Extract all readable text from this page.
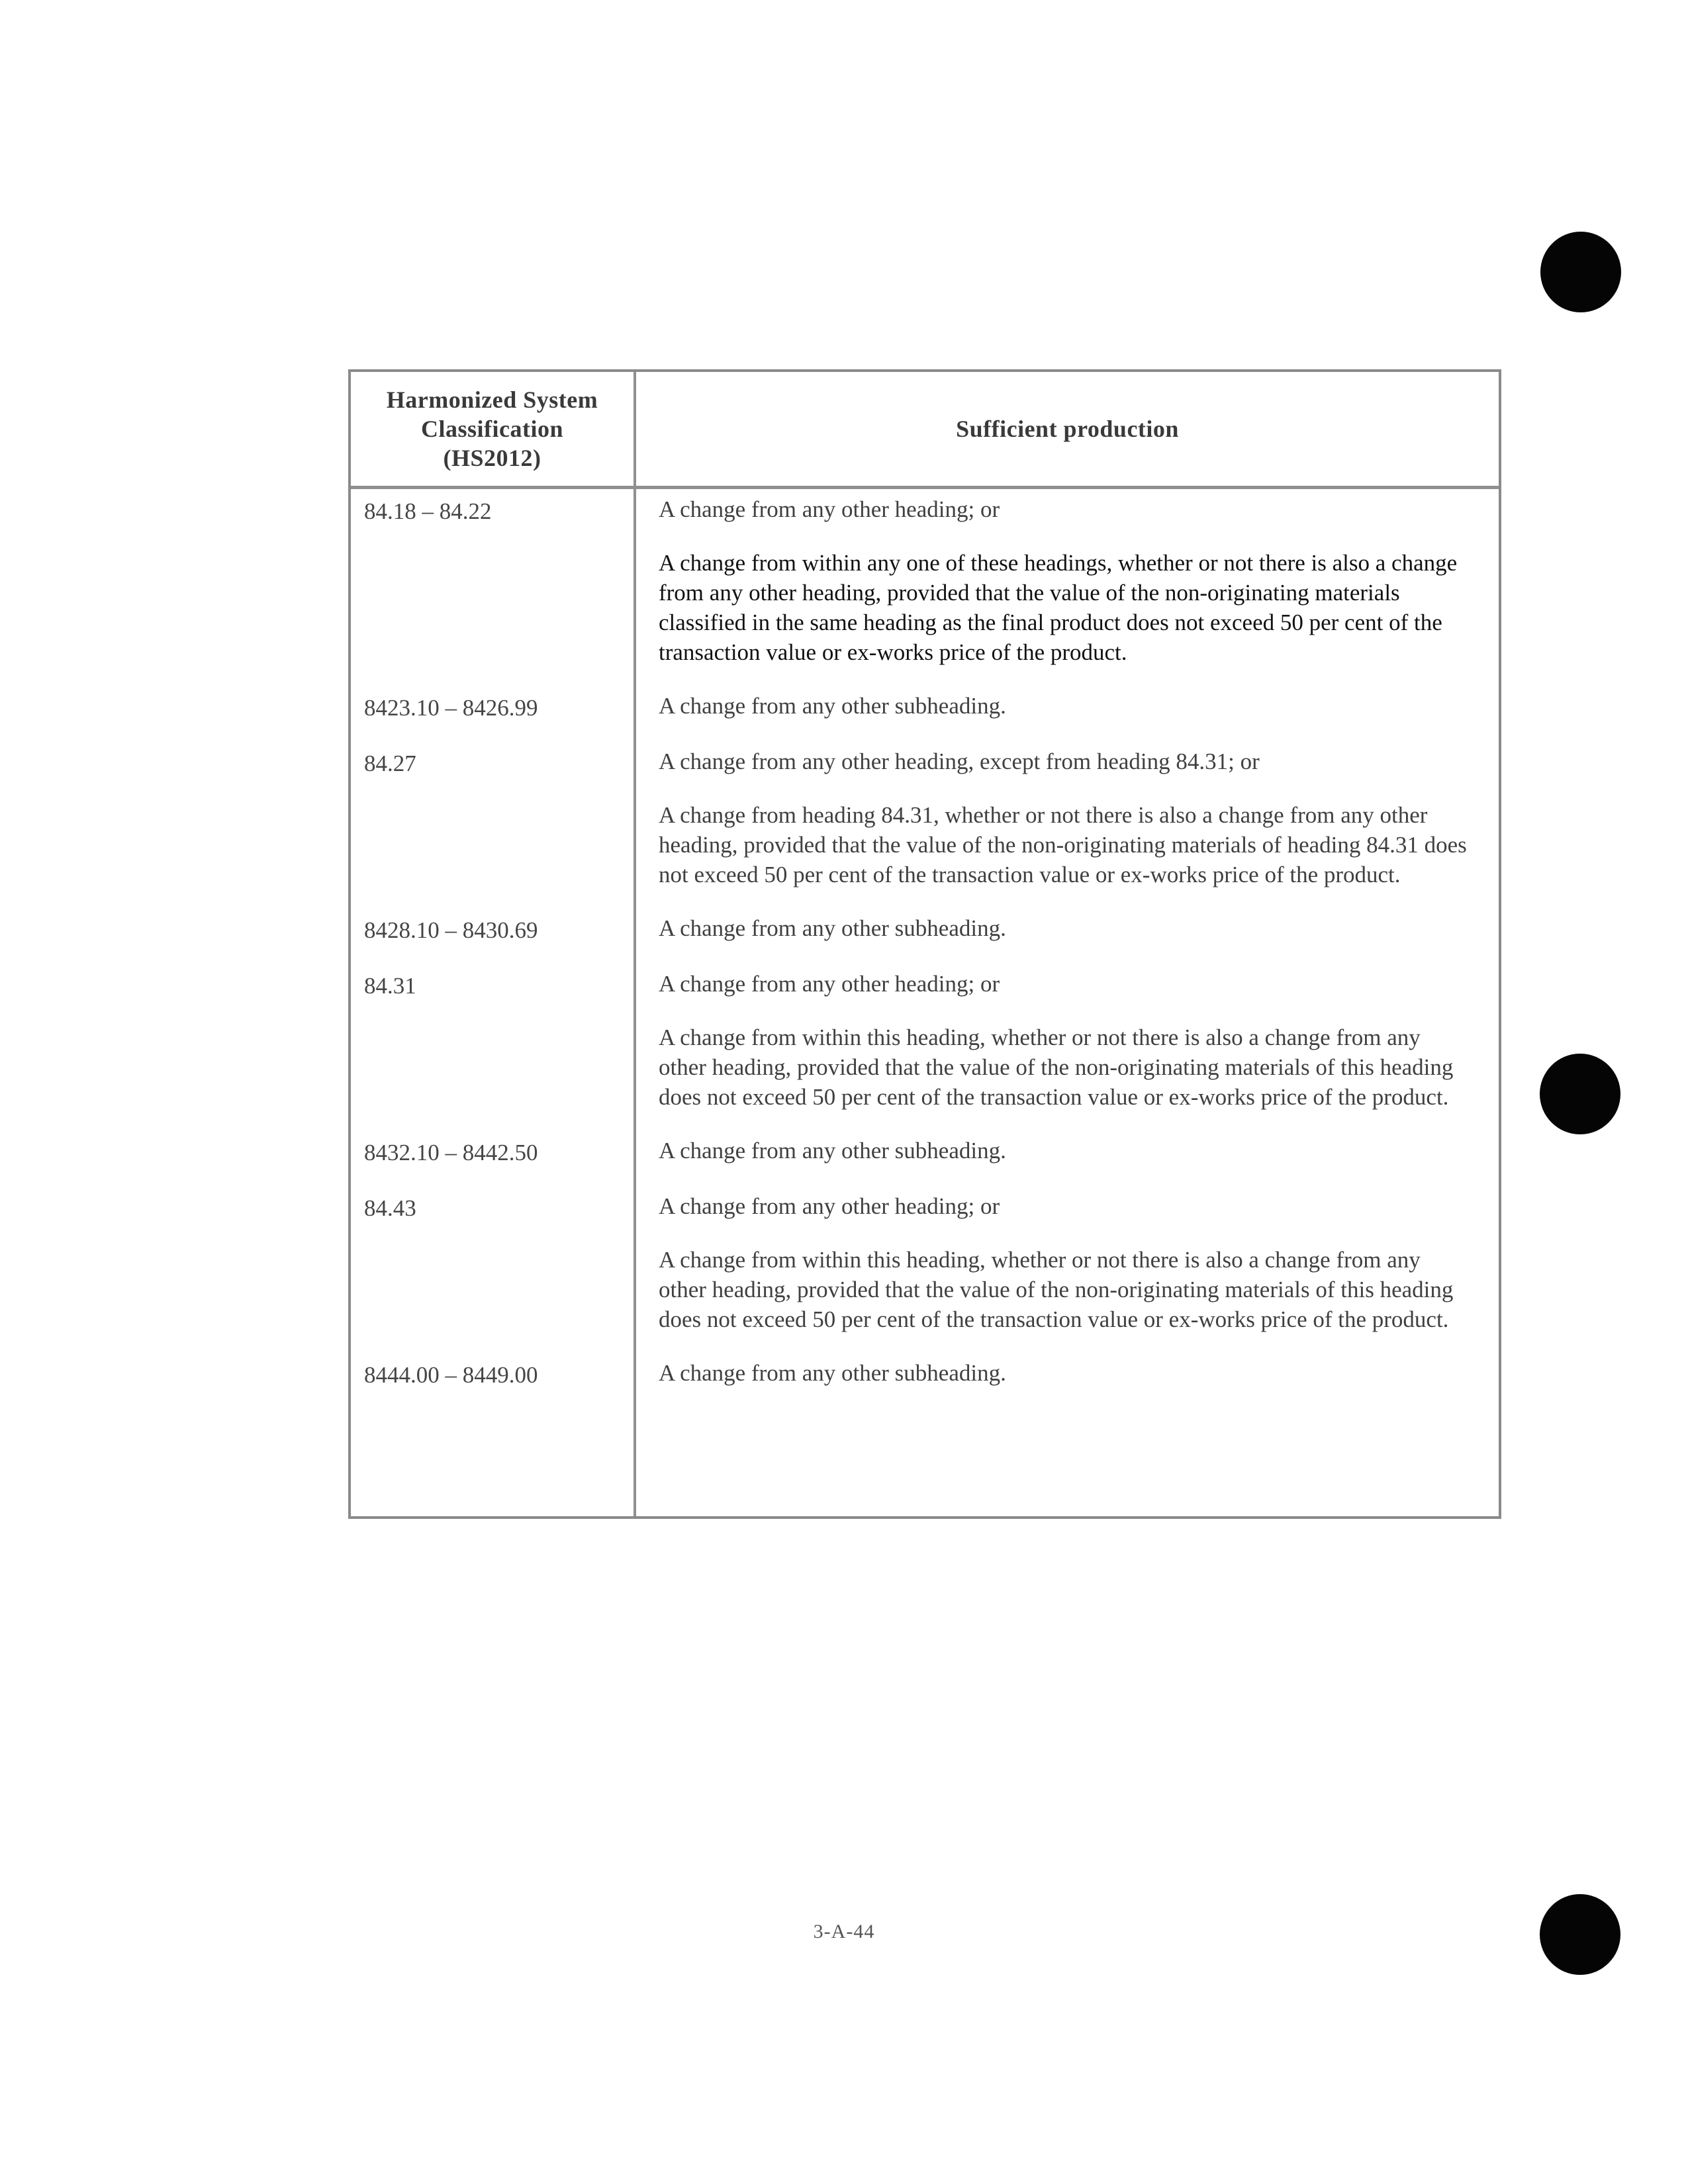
Harmonized System Classification (HS2012)
Sufficient production
84.18 – 84.22	A change from any other heading; or

A change from within any one of these headings, whether or not there is also a change from any other heading, provided that the value of the non-originating materials classified in the same heading as the final product does not exceed 50 per cent of the transaction value or ex-works price of the product.

8423.10 – 8426.99	A change from any other subheading.

84.27	A change from any other heading, except from heading 84.31; or

A change from heading 84.31, whether or not there is also a change from any other heading, provided that the value of the non-originating materials of heading 84.31 does not exceed 50 per cent of the transaction value or ex-works price of the product.

8428.10 – 8430.69	A change from any other subheading.

84.31	A change from any other heading; or

A change from within this heading, whether or not there is also a change from any other heading, provided that the value of the non-originating materials of this heading does not exceed 50 per cent of the transaction value or ex-works price of the product.

8432.10 – 8442.50	A change from any other subheading.

84.43	A change from any other heading; or

A change from within this heading, whether or not there is also a change from any other heading, provided that the value of the non-originating materials of this heading does not exceed 50 per cent of the transaction value or ex-works price of the product.

8444.00 – 8449.00	A change from any other subheading.

3-A-44
